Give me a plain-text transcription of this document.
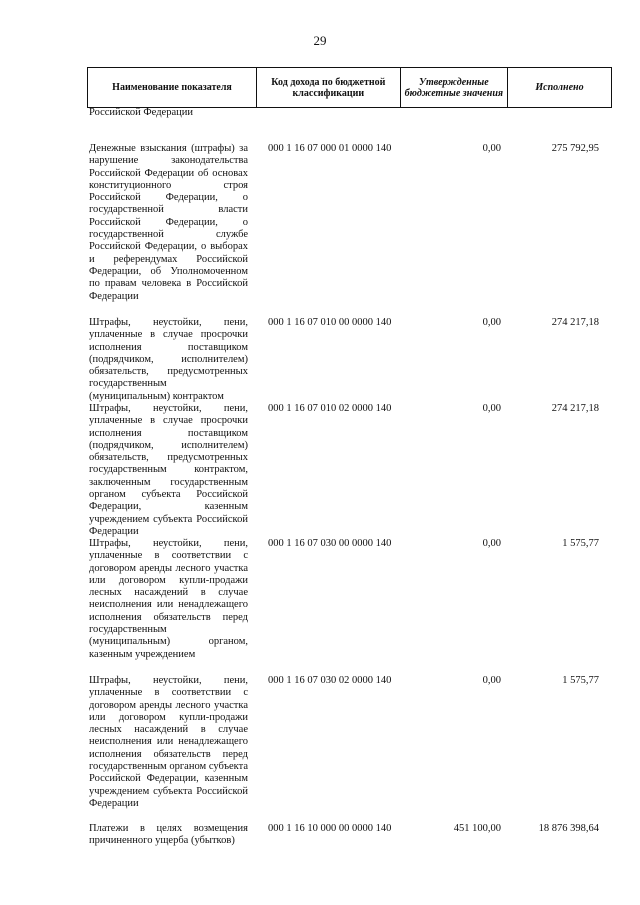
29
Наименование показателя	Код дохода по бюджетной классификации	Утвержденные бюджетные значения	Исполнено
Российской Федерации
Денежные взыскания (штрафы) за нарушение законодательства Российской Федерации об основах конституционного строя Российской Федерации, о государственной власти Российской Федерации, о государственной службе Российской Федерации, о выборах и референдумах Российской Федерации, об Уполномоченном по правам человека в Российской Федерации
000 1 16 07 000 01 0000 140	0,00	275 792,95
Штрафы, неустойки, пени, уплаченные в случае просрочки исполнения поставщиком (подрядчиком, исполнителем) обязательств, предусмотренных государственным (муниципальным) контрактом
000 1 16 07 010 00 0000 140	0,00	274 217,18
Штрафы, неустойки, пени, уплаченные в случае просрочки исполнения поставщиком (подрядчиком, исполнителем) обязательств, предусмотренных государственным контрактом, заключенным государственным органом субъекта Российской Федерации, казенным учреждением субъекта Российской Федерации
000 1 16 07 010 02 0000 140	0,00	274 217,18
Штрафы, неустойки, пени, уплаченные в соответствии с договором аренды лесного участка или договором купли-продажи лесных насаждений в случае неисполнения или ненадлежащего исполнения обязательств перед государственным (муниципальным) органом, казенным учреждением
000 1 16 07 030 00 0000 140	0,00	1 575,77
Штрафы, неустойки, пени, уплаченные в соответствии с договором аренды лесного участка или договором купли-продажи лесных насаждений в случае неисполнения или ненадлежащего исполнения обязательств перед государственным органом субъекта Российской Федерации, казенным учреждением субъекта Российской Федерации
000 1 16 07 030 02 0000 140	0,00	1 575,77
Платежи в целях возмещения причиненного ущерба (убытков)
000 1 16 10 000 00 0000 140	451 100,00	18 876 398,64
